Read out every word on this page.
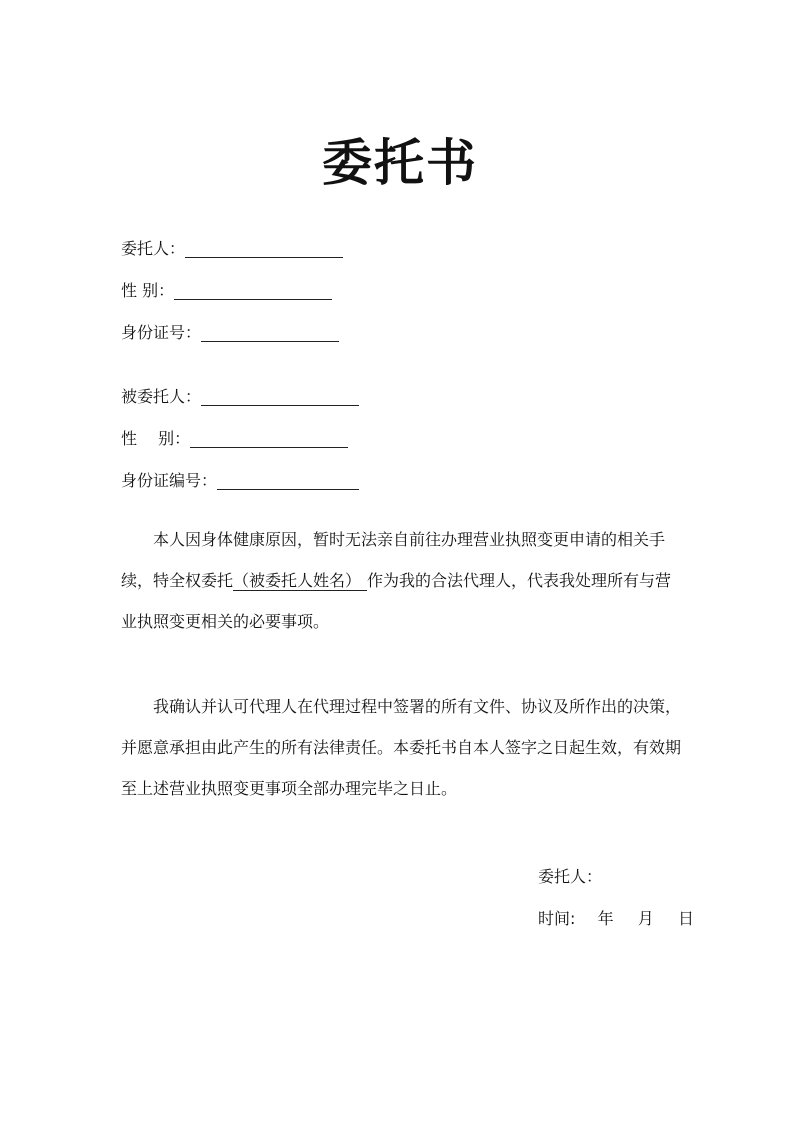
委托书
委托人：
性 别：
身份证号：
被委托人：
性　 别：
身份证编号：
本人因身体健康原因，暂时无法亲自前往办理营业执照变更申请的相关手续，特全权委托（被委托人姓名） 作为我的合法代理人，代表我处理所有与营业执照变更相关的必要事项。
我确认并认可代理人在代理过程中签署的所有文件、协议及所作出的决策，并愿意承担由此产生的所有法律责任。本委托书自本人签字之日起生效，有效期至上述营业执照变更事项全部办理完毕之日止。
委托人：
时间: 年 月 日
